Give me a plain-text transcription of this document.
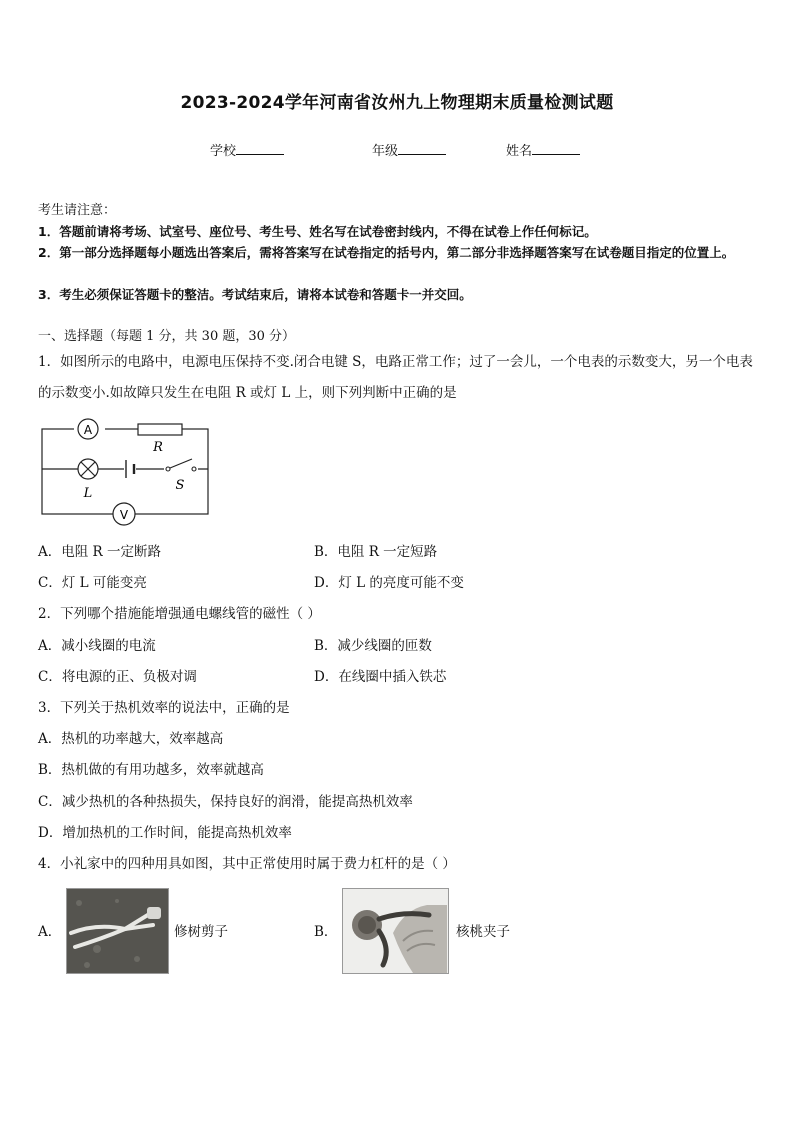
2023-2024学年河南省汝州九上物理期末质量检测试题
学校	年级	姓名
考生请注意：
1．答题前请将考场、试室号、座位号、考生号、姓名写在试卷密封线内，不得在试卷上作任何标记。
2．第一部分选择题每小题选出答案后，需将答案写在试卷指定的括号内，第二部分非选择题答案写在试卷题目指定的位置上。
3．考生必须保证答题卡的整洁。考试结束后，请将本试卷和答题卡一并交回。
一、选择题（每题 1 分，共 30 题，30 分）
1．如图所示的电路中，电源电压保持不变.闭合电键 S，电路正常工作；过了一会儿，一个电表的示数变大，另一个电表的示数变小.如故障只发生在电阻 R 或灯 L 上，则下列判断中正确的是
A
R
L
S
V
A．电阻 R 一定断路	B．电阻 R 一定短路
C．灯 L 可能变亮	D．灯 L 的亮度可能不变
2．下列哪个措施能增强通电螺线管的磁性（ ）
A．减小线圈的电流	B．减少线圈的匝数
C．将电源的正、负极对调	D．在线圈中插入铁芯
3．下列关于热机效率的说法中，正确的是
A．热机的功率越大，效率越高
B．热机做的有用功越多，效率就越高
C．减少热机的各种热损失，保持良好的润滑，能提高热机效率
D．增加热机的工作时间，能提高热机效率
4．小礼家中的四种用具如图，其中正常使用时属于费力杠杆的是（ ）
A．	修树剪子	B．	核桃夹子
